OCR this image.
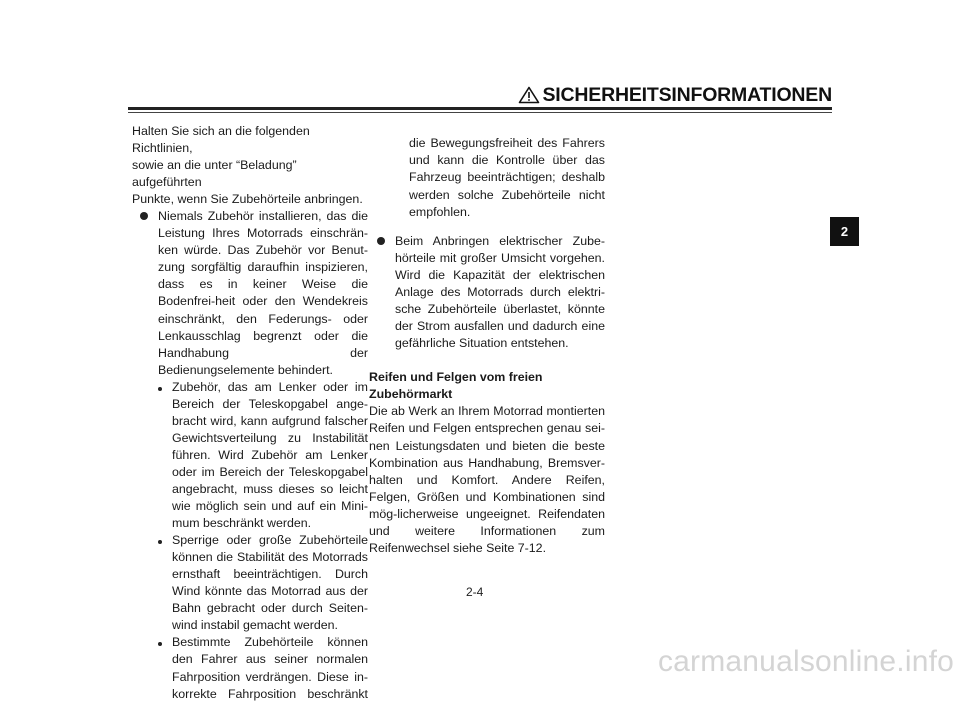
SICHERHEITSINFORMATIONEN

Halten Sie sich an die folgenden Richtlinien,

sowie an die unter “Beladung” aufgeführten

Punkte, wenn Sie Zubehörteile anbringen.

Niemals Zubehör installieren, das die Leistung Ihres Motorrads einschrän-ken würde. Das Zubehör vor Benut-zung sorgfältig daraufhin inspizieren, dass es in keiner Weise die Bodenfrei-heit oder den Wendekreis einschränkt, den Federungs- oder Lenkausschlag begrenzt oder die Handhabung der Bedienungselemente behindert.
Zubehör, das am Lenker oder im Bereich der Teleskopgabel ange-bracht wird, kann aufgrund falscher Gewichtsverteilung zu Instabilität führen. Wird Zubehör am Lenker oder im Bereich der Teleskopgabel angebracht, muss dieses so leicht wie möglich sein und auf ein Mini-mum beschränkt werden.
Sperrige oder große Zubehörteile können die Stabilität des Motorrads ernsthaft beeinträchtigen. Durch Wind könnte das Motorrad aus der Bahn gebracht oder durch Seiten-wind instabil gemacht werden.
Bestimmte Zubehörteile können den Fahrer aus seiner normalen Fahrposition verdrängen. Diese in-korrekte Fahrposition beschränkt

die Bewegungsfreiheit des Fahrers und kann die Kontrolle über das Fahrzeug beeinträchtigen; deshalb werden solche Zubehörteile nicht empfohlen.

Beim Anbringen elektrischer Zube-hörteile mit großer Umsicht vorgehen. Wird die Kapazität der elektrischen Anlage des Motorrads durch elektri-sche Zubehörteile überlastet, könnte der Strom ausfallen und dadurch eine gefährliche Situation entstehen.

Reifen und Felgen vom freien

Zubehörmarkt

Die ab Werk an Ihrem Motorrad montierten Reifen und Felgen entsprechen genau sei-nen Leistungsdaten und bieten die beste Kombination aus Handhabung, Bremsver-halten und Komfort. Andere Reifen, Felgen, Größen und Kombinationen sind mög-licherweise ungeeignet. Reifendaten und weitere Informationen zum Reifenwechsel siehe Seite 7-12.

2
2-4
carmanualsonline.info
